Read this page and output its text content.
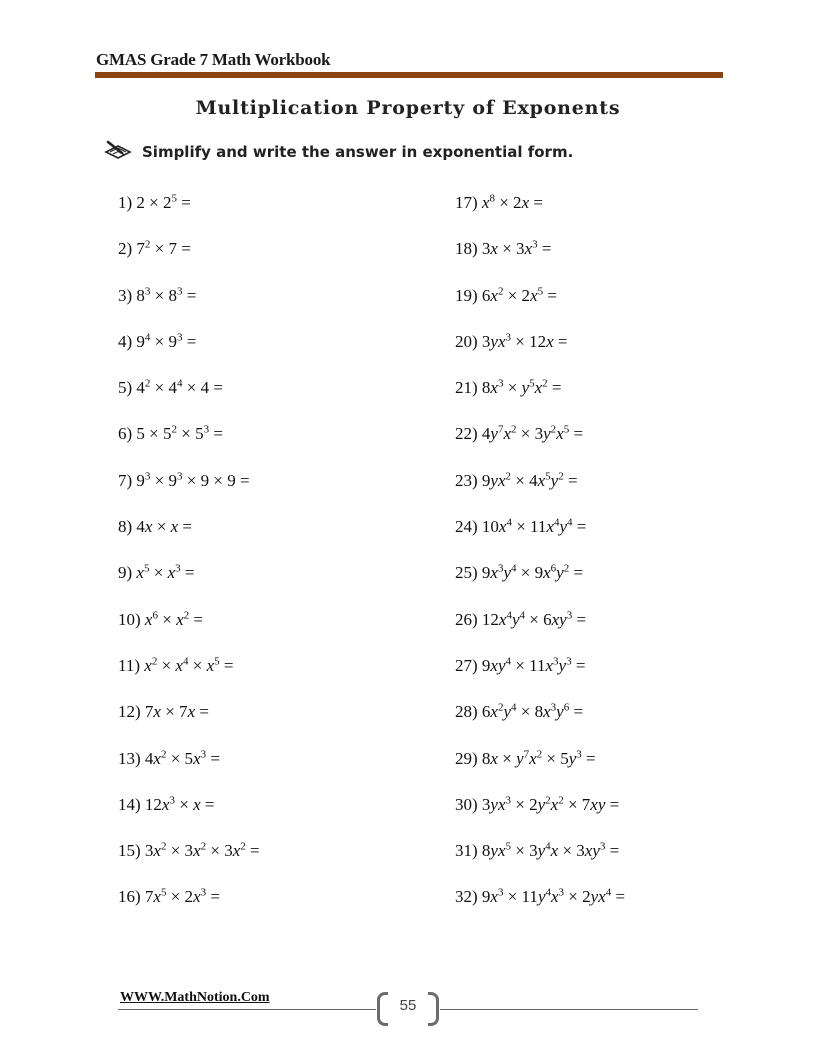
GMAS Grade 7 Math Workbook
Multiplication Property of Exponents
Simplify and write the answer in exponential form.
1) $2 \times 2^5$ =
2) $7^2 \times 7$ =
3) $8^3 \times 8^3$ =
4) $9^4 \times 9^3$ =
5) $4^2 \times 4^4 \times 4$ =
6) $5 \times 5^2 \times 5^3$ =
7) $9^3 \times 9^3 \times 9 \times 9$ =
8) 4x × x =
9) $x^5 \times x^3$ =
10) $x^6 \times x^2$ =
11) $x^2 \times x^4 \times x^5$ =
12) 7x × 7x =
13) $4x^2 \times 5x^3$ =
14) $12x^3 \times x$ =
15) $3x^2 \times 3x^2 \times 3x^2$ =
16) $7x^5 \times 2x^3$ =
17) $x^8 \times 2x$ =
18) $3x \times 3x^3$ =
19) $6x^2 \times 2x^5$ =
20) $3yx^3 \times 12x$ =
21) $8x^3 \times y^5x^2$ =
22) $4y^7x^2 \times 3y^2x^5$ =
23) $9yx^2 \times 4x^5y^2$ =
24) $10x^4 \times 11x^4y^4$ =
25) $9x^3y^4 \times 9x^6y^2$ =
26) $12x^4y^4 \times 6xy^3$ =
27) $9xy^4 \times 11x^3y^3$ =
28) $6x^2y^4 \times 8x^3y^6$ =
29) $8x \times y^7x^2 \times 5y^3$ =
30) $3yx^3 \times 2y^2x^2 \times 7xy$ =
31) $8yx^5 \times 3y^4x \times 3xy^3$ =
32) $9x^3 \times 11y^4x^3 \times 2yx^4$ =
WWW.MathNotion.Com	55
